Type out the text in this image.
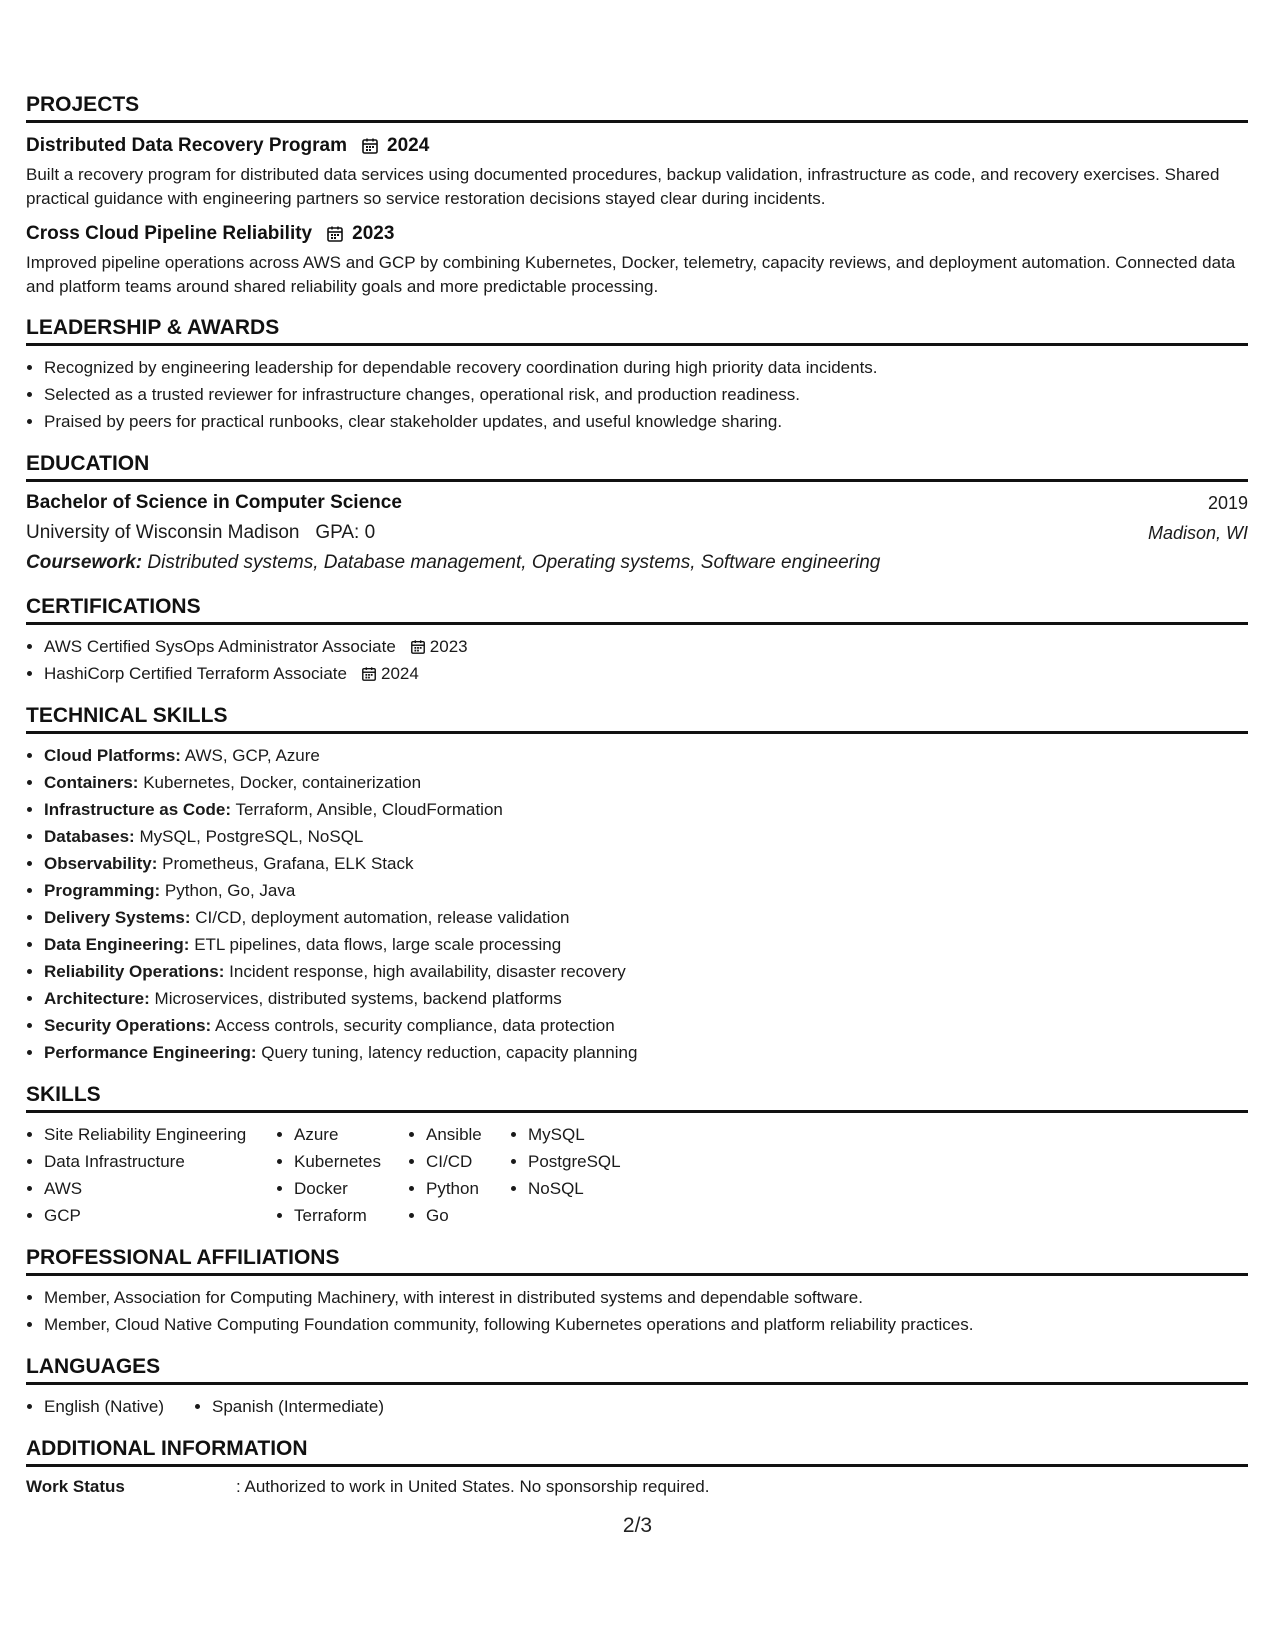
PROJECTS
Distributed Data Recovery Program 2024
Built a recovery program for distributed data services using documented procedures, backup validation, infrastructure as code, and recovery exercises. Shared practical guidance with engineering partners so service restoration decisions stayed clear during incidents.
Cross Cloud Pipeline Reliability 2023
Improved pipeline operations across AWS and GCP by combining Kubernetes, Docker, telemetry, capacity reviews, and deployment automation. Connected data and platform teams around shared reliability goals and more predictable processing.
LEADERSHIP & AWARDS
• Recognized by engineering leadership for dependable recovery coordination during high priority data incidents.
• Selected as a trusted reviewer for infrastructure changes, operational risk, and production readiness.
• Praised by peers for practical runbooks, clear stakeholder updates, and useful knowledge sharing.
EDUCATION
Bachelor of Science in Computer Science	2019
University of Wisconsin Madison   GPA: 0	Madison, WI
Coursework: Distributed systems, Database management, Operating systems, Software engineering
CERTIFICATIONS
• AWS Certified SysOps Administrator Associate 2023
• HashiCorp Certified Terraform Associate 2024
TECHNICAL SKILLS
• Cloud Platforms: AWS, GCP, Azure
• Containers: Kubernetes, Docker, containerization
• Infrastructure as Code: Terraform, Ansible, CloudFormation
• Databases: MySQL, PostgreSQL, NoSQL
• Observability: Prometheus, Grafana, ELK Stack
• Programming: Python, Go, Java
• Delivery Systems: CI/CD, deployment automation, release validation
• Data Engineering: ETL pipelines, data flows, large scale processing
• Reliability Operations: Incident response, high availability, disaster recovery
• Architecture: Microservices, distributed systems, backend platforms
• Security Operations: Access controls, security compliance, data protection
• Performance Engineering: Query tuning, latency reduction, capacity planning
SKILLS
• Site Reliability Engineering
• Data Infrastructure
• AWS
• GCP
• Azure
• Kubernetes
• Docker
• Terraform
• Ansible
• CI/CD
• Python
• Go
• MySQL
• PostgreSQL
• NoSQL
PROFESSIONAL AFFILIATIONS
• Member, Association for Computing Machinery, with interest in distributed systems and dependable software.
• Member, Cloud Native Computing Foundation community, following Kubernetes operations and platform reliability practices.
LANGUAGES
• English (Native)
•	Spanish (Intermediate)
ADDITIONAL INFORMATION
Work Status	: Authorized to work in United States. No sponsorship required.
2/3
